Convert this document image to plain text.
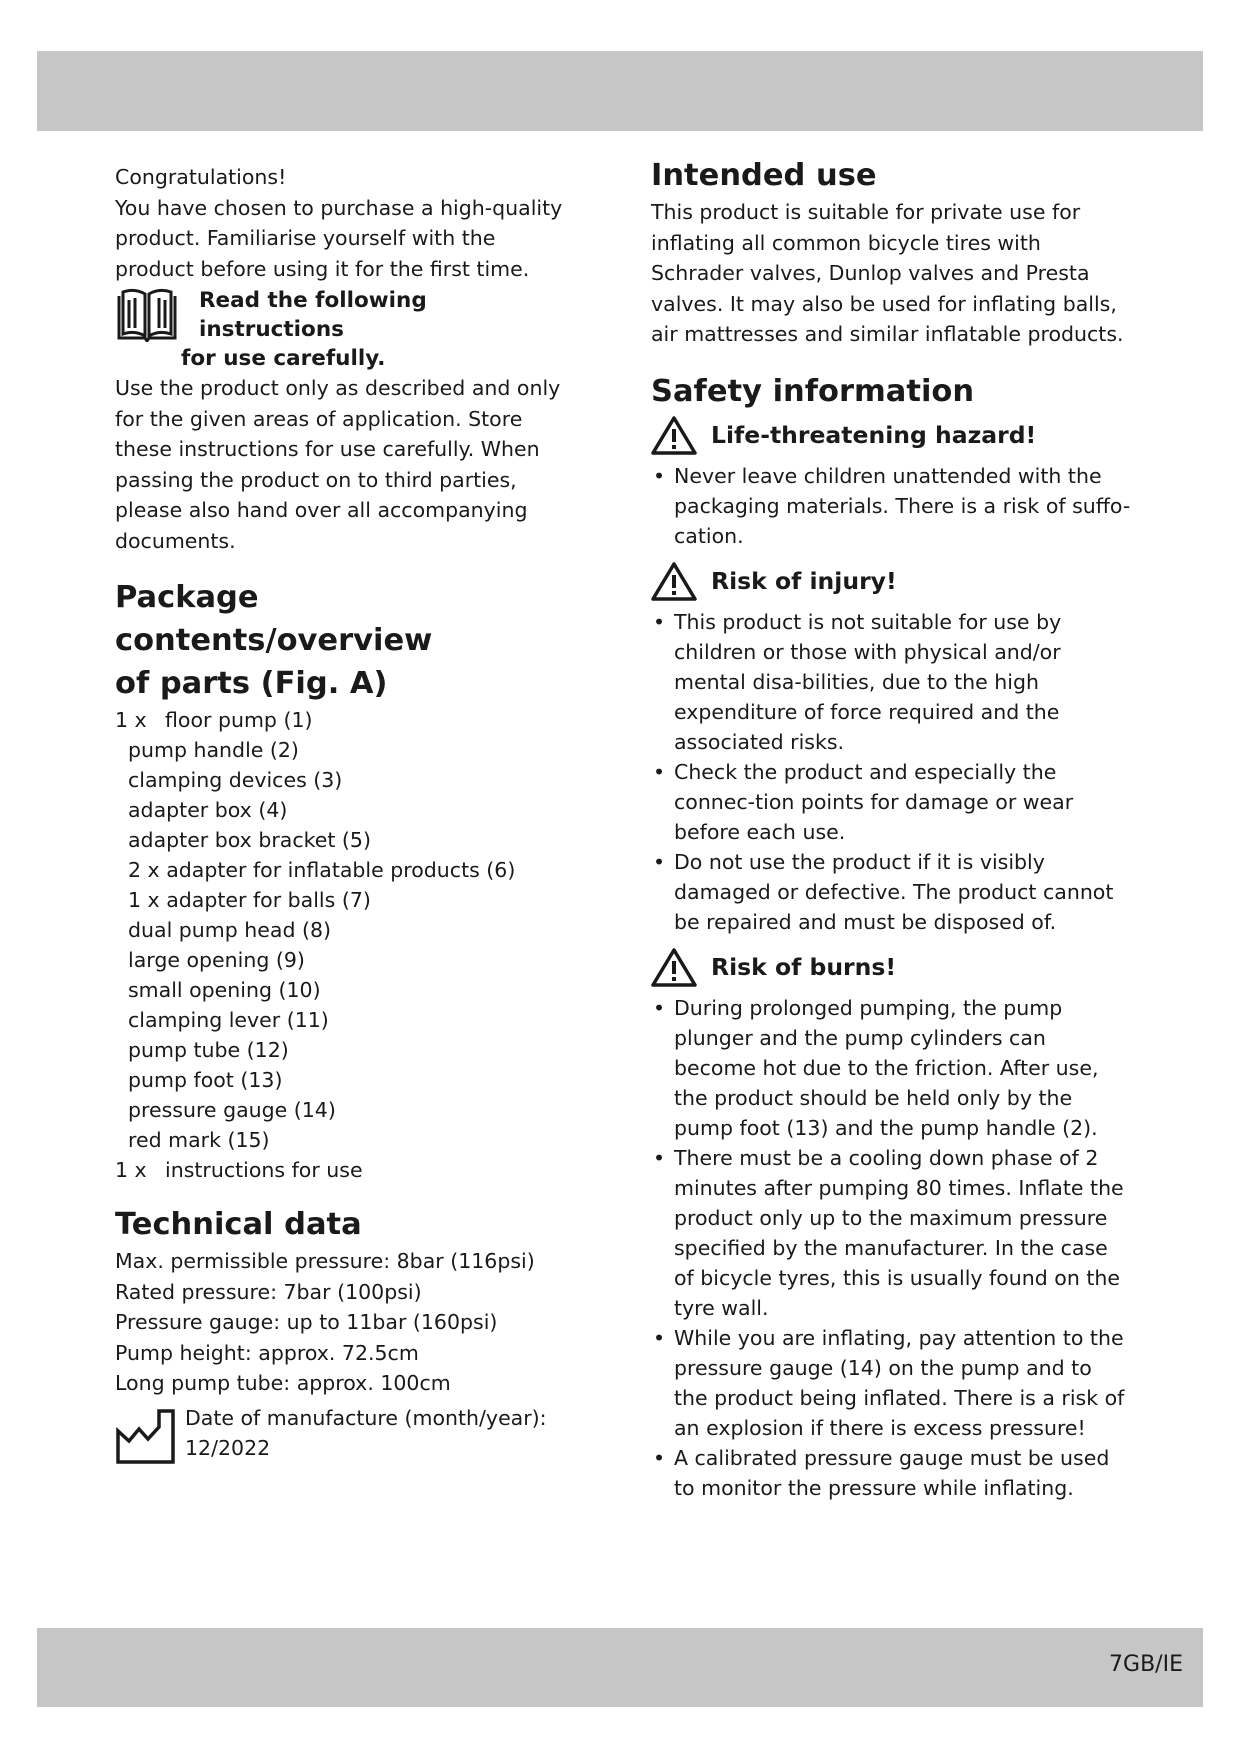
Congratulations!

You have chosen to purchase a high-quality product. Familiarise yourself with the product before using it for the first time.

Read the following instructions
for use carefully.

Use the product only as described and only for the given areas of application. Store these instructions for use carefully. When passing the product on to third parties, please also hand over all accompanying documents.

Package contents/overview
of parts (Fig. A)
1 x floor pump (1)
pump handle (2)
clamping devices (3)
adapter box (4)
adapter box bracket (5)
2 x adapter for inflatable products (6)
1 x adapter for balls (7)
dual pump head (8)
large opening (9)
small opening (10)
clamping lever (11)
pump tube (12)
pump foot (13)
pressure gauge (14)
red mark (15)
1 x instructions for use
Technical data
Max. permissible pressure: 8bar (116psi)
Rated pressure: 7bar (100psi)
Pressure gauge: up to 11bar (160psi)
Pump height: approx. 72.5cm
Long pump tube: approx. 100cm
Date of manufacture (month/year):
12/2022
Intended use

This product is suitable for private use for inflating all common bicycle tires with Schrader valves, Dunlop valves and Presta valves. It may also be used for inflating balls, air mattresses and similar inflatable products.

Safety information
Life-threatening hazard!
• Never leave children unattended with the packaging materials. There is a risk of suffo-cation.
Risk of injury!
• This product is not suitable for use by children or those with physical and/or mental disa-bilities, due to the high expenditure of force required and the associated risks.
• Check the product and especially the connec-tion points for damage or wear before each use.
• Do not use the product if it is visibly damaged or defective. The product cannot be repaired and must be disposed of.
Risk of burns!
• During prolonged pumping, the pump plunger and the pump cylinders can become hot due to the friction. After use, the product should be held only by the pump foot (13) and the pump handle (2).
• There must be a cooling down phase of 2 minutes after pumping 80 times. Inflate the product only up to the maximum pressure specified by the manufacturer. In the case of bicycle tyres, this is usually found on the tyre wall.
• While you are inflating, pay attention to the pressure gauge (14) on the pump and to the product being inflated. There is a risk of an explosion if there is excess pressure!
• A calibrated pressure gauge must be used to monitor the pressure while inflating.
7GB/IE
